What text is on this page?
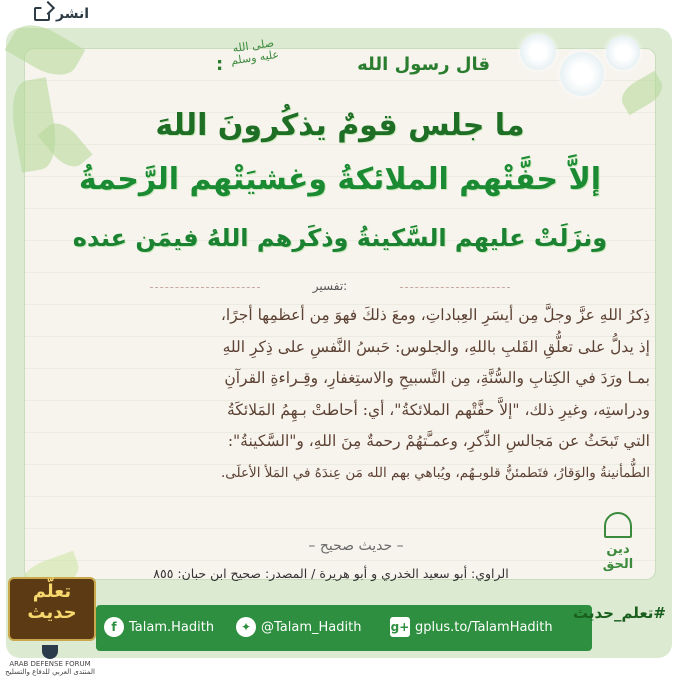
انشر
صلى الله عليه وسلم
:	قال رسول الله
ما جلس قومٌ يذكُرونَ اللهَ
إلاَّ حفَّتْهم الملائكةُ وغشيَتْهم الرَّحمةُ
ونزَلَتْ عليهم السَّكينةُ وذكَرهم اللهُ فيمَن عنده
تفسير:
ذِكرُ اللهِ عزَّ وجلَّ مِن أيسَرِ العِباداتِ، ومعَ ذلكَ فهوَ مِن أعظمِها أجرًا،
إذ يدلُّ على تعلُّقِ القَلبِ باللهِ، والجلوس: حَبسُ النَّفسِ على ذِكرِ اللهِ
بمـا ورَدَ في الكِتابِ والسُّنَّةِ، مِن التَّسبيحِ والاستِغفارِ، وقِـراءةِ القرآنِ
ودراستِه، وغيرِ ذلك، "إلاَّ حفَّتْهم الملائكةُ"، أي: أحاطتْ بـهِمُ المَلائكَةُ
التي تَبحَثُ عن مَجالسِ الذِّكرِ، وعمـَّتهُمْ رحمةٌ مِنَ اللهِ، و"السَّكينةُ":
الطُّمأنينةُ والوَقارُ، فتَطمئنُّ قلوبـهُم، ويُباهي بهم الله مَن عِندَهُ في المَلأ الأعلَى.
– حديث صحيح –
الراوي: أبو سعيد الخدري و أبو هريرة / المصدر: صحيح ابن حبان: ٨٥٥
دين الحق
f Talam.Hadith	✦ @Talam_Hadith g+ gplus.to/TalamHadith
#تعلم_حديث
تعلّم
حديث
ARAB DEFENSE FORUM
المنتدى العربي للدفاع والتسليح
